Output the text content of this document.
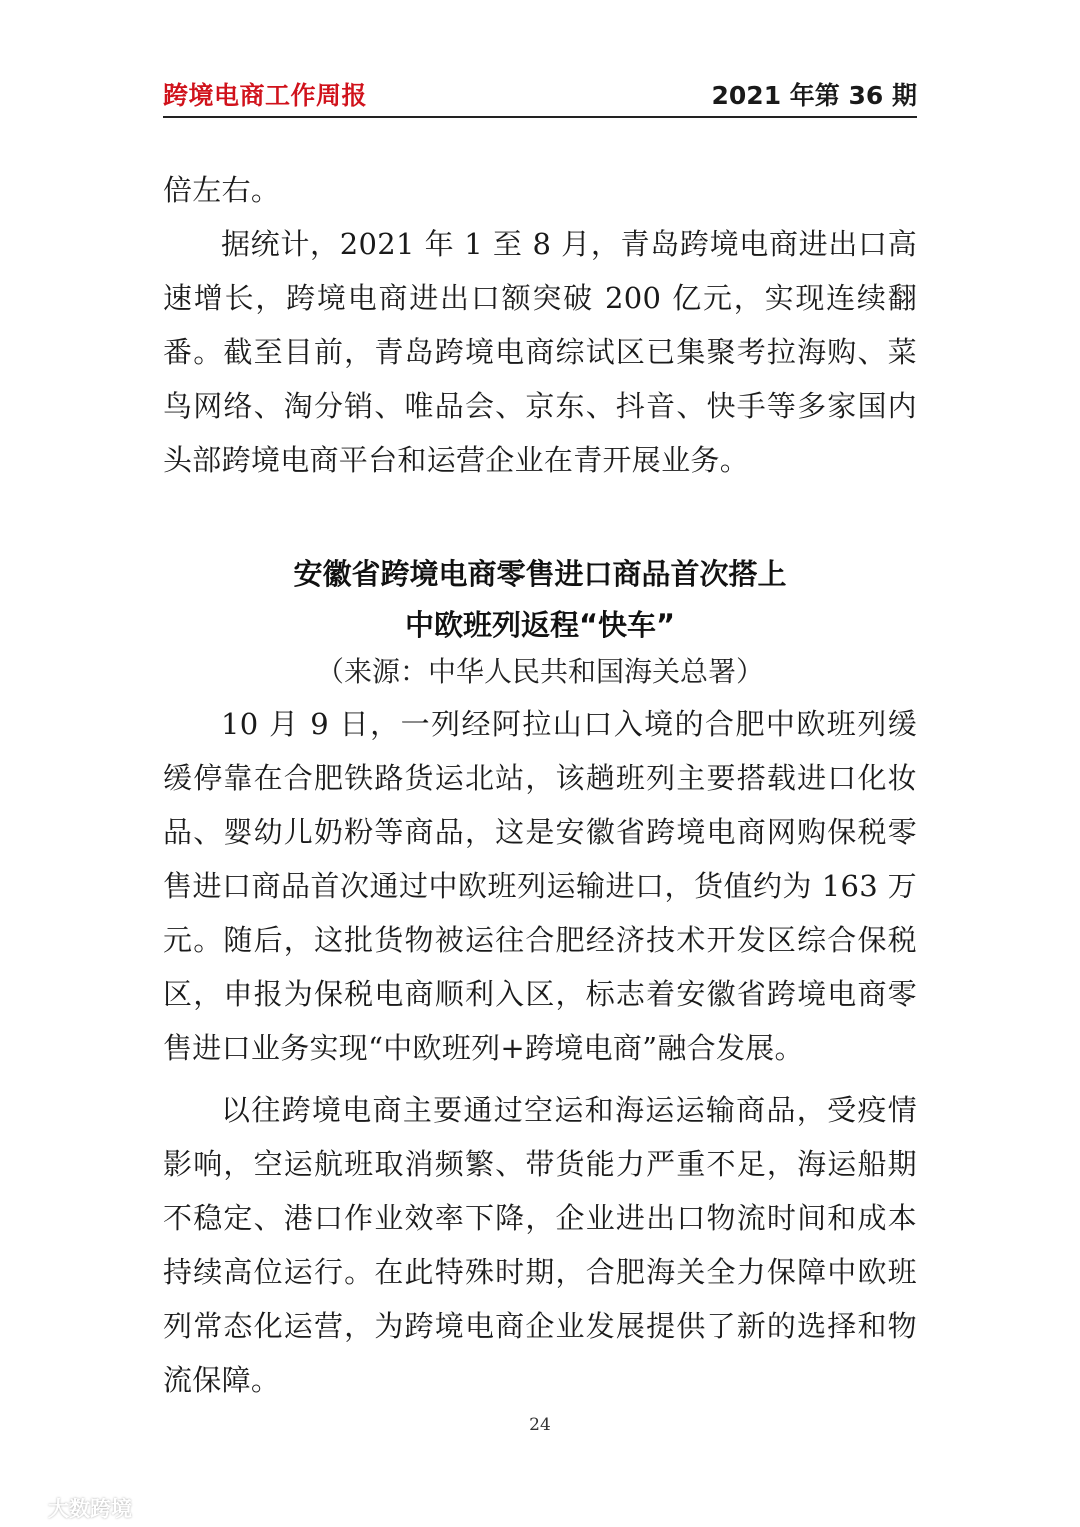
跨境电商工作周报	2021 年第 36 期

倍左右。

据统计，2021 年 1 至 8 月，青岛跨境电商进出口高速增长，跨境电商进出口额突破 200 亿元，实现连续翻番。截至目前，青岛跨境电商综试区已集聚考拉海购、菜鸟网络、淘分销、唯品会、京东、抖音、快手等多家国内头部跨境电商平台和运营企业在青开展业务。

安徽省跨境电商零售进口商品首次搭上
中欧班列返程“快车”
（来源：中华人民共和国海关总署）

10 月 9 日，一列经阿拉山口入境的合肥中欧班列缓缓停靠在合肥铁路货运北站，该趟班列主要搭载进口化妆品、婴幼儿奶粉等商品，这是安徽省跨境电商网购保税零售进口商品首次通过中欧班列运输进口，货值约为 163 万元。随后，这批货物被运往合肥经济技术开发区综合保税区，申报为保税电商顺利入区，标志着安徽省跨境电商零售进口业务实现“中欧班列+跨境电商”融合发展。

以往跨境电商主要通过空运和海运运输商品，受疫情影响，空运航班取消频繁、带货能力严重不足，海运船期不稳定、港口作业效率下降，企业进出口物流时间和成本持续高位运行。在此特殊时期，合肥海关全力保障中欧班列常态化运营，为跨境电商企业发展提供了新的选择和物流保障。

24
大数跨境
